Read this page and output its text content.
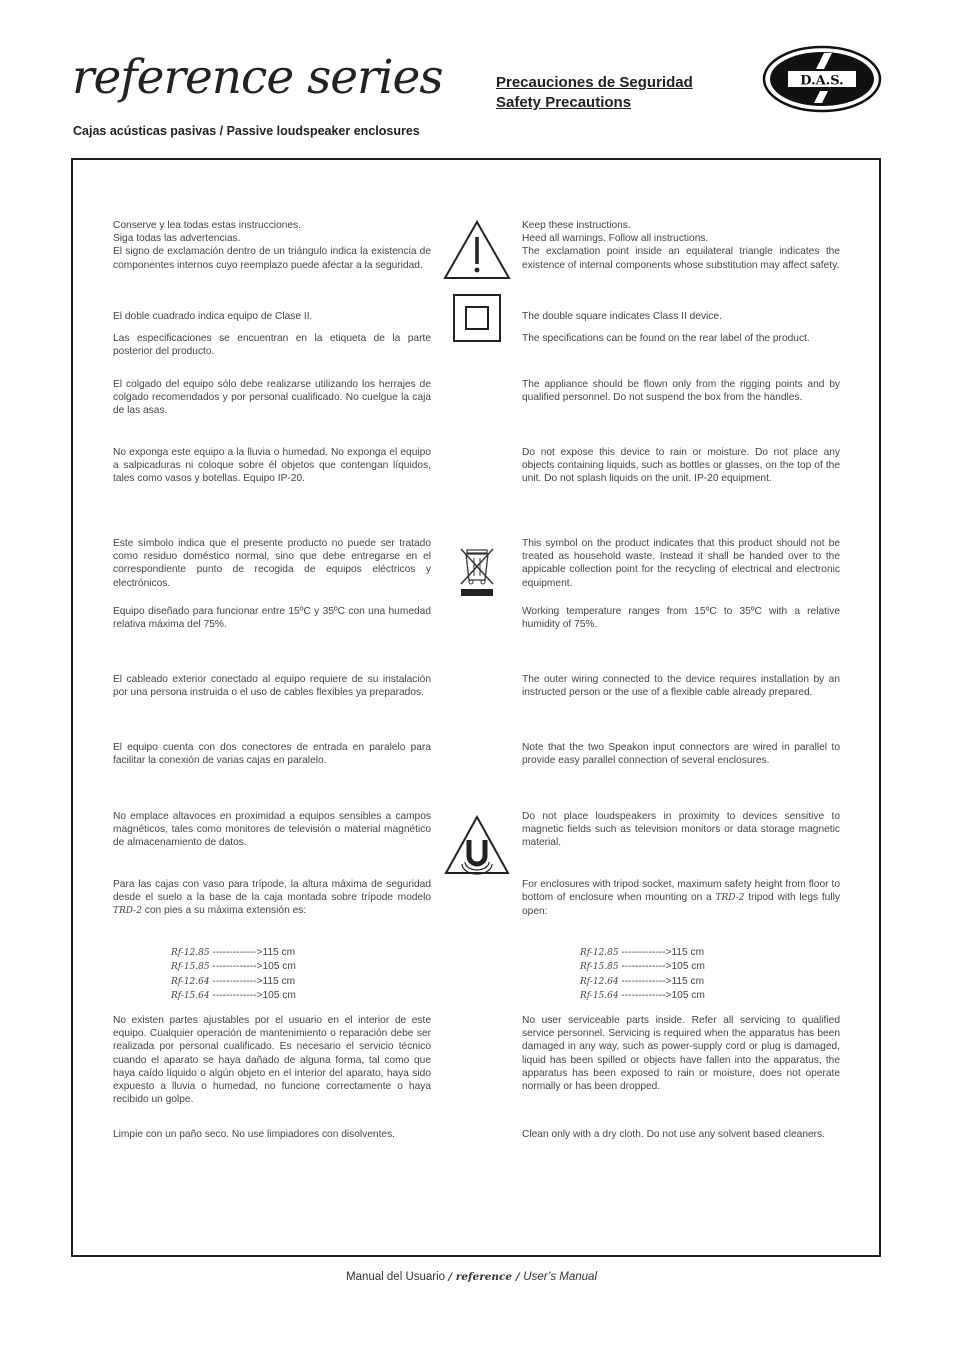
reference series	Precauciones de Seguridad
Safety Precautions
D.A.S.
Cajas acústicas pasivas / Passive loudspeaker enclosures

Conserve y lea todas estas instrucciones.

Siga todas las advertencias.

El signo de exclamación dentro de un triángulo indica la existencia de componentes internos cuyo reemplazo puede afectar a la seguridad.

Keep these instructions.

Heed all warnings. Follow all instructions.

The exclamation point inside an equilateral triangle indicates the existence of internal components whose substitution may affect safety.

El doble cuadrado indica equipo de Clase II.	The double square indicates Class II device.
Las especificaciones se encuentran en la etiqueta de la parte posterior del producto.
The specifications can be found on the rear label of the product.
El colgado del equipo sólo debe realizarse utilizando los herrajes de colgado recomendados y por personal cualificado. No cuelgue la caja de las asas.
The appliance should be flown only from the rigging points and by qualified personnel. Do not suspend the box from the handles.
No exponga este equipo a la lluvia o humedad. No exponga el equipo a salpicaduras ni coloque sobre él objetos que contengan líquidos, tales como vasos y botellas. Equipo IP-20.
Do not expose this device to rain or moisture. Do not place any objects containing liquids, such as bottles or glasses, on the top of the unit. Do not splash liquids on the unit. IP-20 equipment.
Este símbolo indica que el presente producto no puede ser tratado como residuo doméstico normal, sino que debe entregarse en el correspondiente punto de recogida de equipos eléctricos y electrónicos.
This symbol on the product indicates that this product should not be treated as household waste. Instead it shall be handed over to the appicable collection point for the recycling of electrical and electronic equipment.
Equipo diseñado para funcionar entre 15ºC y 35ºC con una humedad relativa máxima del 75%.
Working temperature ranges from 15ºC to 35ºC with a relative humidity of 75%.
El cableado exterior conectado al equipo requiere de su instalación por una persona instruida o el uso de cables flexibles ya preparados.
The outer wiring connected to the device requires installation by an instructed person or the use of a flexible cable already prepared.
El equipo cuenta con dos conectores de entrada en paralelo para facilitar la conexión de varias cajas en paralelo.
Note that the two Speakon input connectors are wired in parallel to provide easy parallel connection of several enclosures.
No emplace altavoces en proximidad a equipos sensibles a campos magnéticos, tales como monitores de televisión o material magnético de almacenamiento de datos.
Do not place loudspeakers in proximity to devices sensitive to magnetic fields such as television monitors or data storage magnetic material.
Para las cajas con vaso para trípode, la altura máxima de seguridad desde el suelo a la base de la caja montada sobre trípode modelo TRD-2 con pies a su máxima extensión es:
For enclosures with tripod socket, maximum safety height from floor to bottom of enclosure when mounting on a TRD-2 tripod with legs fully open:
Rf-12.85 ------------->115 cm
Rf-15.85 ------------->105 cm
Rf-12.64 ------------->115 cm
Rf-15.64 ------------->105 cm
Rf-12.85 ------------->115 cm
Rf-15.85 ------------->105 cm
Rf-12.64 ------------->115 cm
Rf-15.64 ------------->105 cm
No existen partes ajustables por el usuario en el interior de este equipo. Cualquier operación de mantenimiento o reparación debe ser realizada por personal cualificado. Es necesario el servicio técnico cuando el aparato se haya dañado de alguna forma, tal como que haya caído líquido o algún objeto en el interior del aparato, haya sido expuesto a lluvia o humedad, no funcione correctamente o haya recibido un golpe.
No user serviceable parts inside. Refer all servicing to qualified service personnel. Servicing is required when the apparatus has been damaged in any way, such as power-supply cord or plug is damaged, liquid has been spilled or objects have fallen into the apparatus, the apparatus has been exposed to rain or moisture, does not operate normally or has been dropped.
Limpie con un paño seco. No use limpiadores con disolventes.	Clean only with a dry cloth. Do not use any solvent based cleaners.
Manual del Usuario / reference / User’s Manual
